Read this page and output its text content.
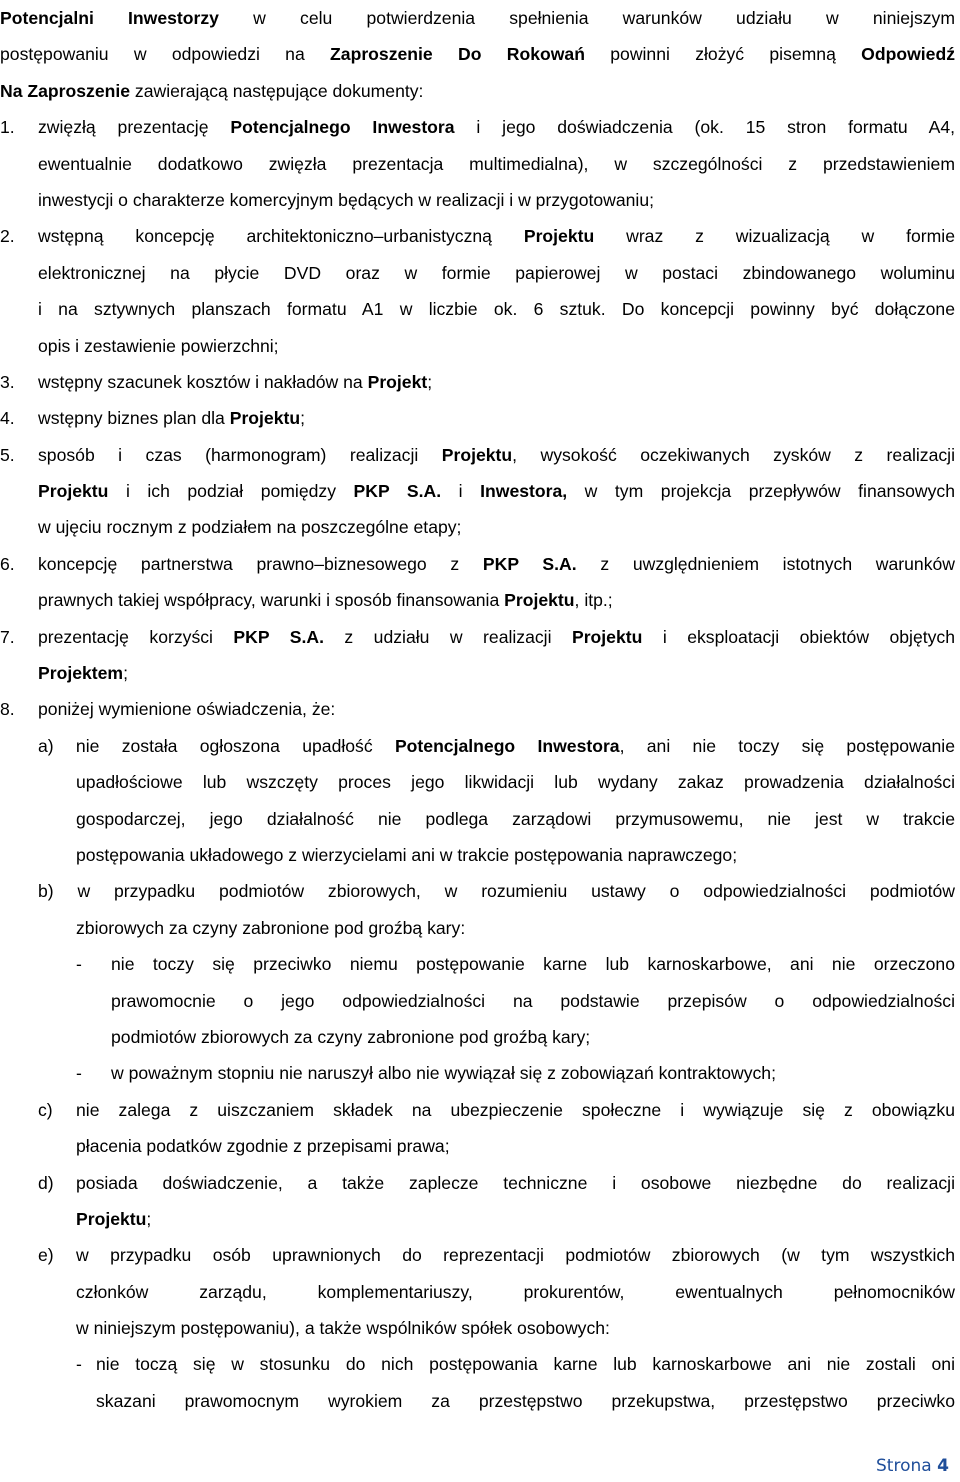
Potencjalni Inwestorzy w celu potwierdzenia spełnienia warunków udziału w niniejszym
postępowaniu w odpowiedzi na Zaproszenie Do Rokowań powinni złożyć pisemną Odpowiedź
Na Zaproszenie zawierającą następujące dokumenty:
1. zwięzłą prezentację Potencjalnego Inwestora i jego doświadczenia (ok. 15 stron formatu A4,
ewentualnie dodatkowo zwięzła prezentacja multimedialna), w szczególności z przedstawieniem
inwestycji o charakterze komercyjnym będących w realizacji i w przygotowaniu;
2. wstępną koncepcję architektoniczno–urbanistyczną Projektu wraz z wizualizacją w formie
elektronicznej na płycie DVD oraz w formie papierowej w postaci zbindowanego woluminu
i na sztywnych planszach formatu A1 w liczbie ok. 6 sztuk. Do koncepcji powinny być dołączone
opis i zestawienie powierzchni;
3. wstępny szacunek kosztów i nakładów na Projekt;
4. wstępny biznes plan dla Projektu;
5. sposób i czas (harmonogram) realizacji Projektu, wysokość oczekiwanych zysków z realizacji
Projektu i ich podział pomiędzy PKP S.A. i Inwestora, w tym projekcja przepływów finansowych
w ujęciu rocznym z podziałem na poszczególne etapy;
6. koncepcję partnerstwa prawno–biznesowego z PKP S.A. z uwzględnieniem istotnych warunków
prawnych takiej współpracy, warunki i sposób finansowania Projektu, itp.;
7. prezentację korzyści PKP S.A. z udziału w realizacji Projektu i eksploatacji obiektów objętych
Projektem;
8. poniżej wymienione oświadczenia, że:
a) nie została ogłoszona upadłość Potencjalnego Inwestora, ani nie toczy się postępowanie
upadłościowe lub wszczęty proces jego likwidacji lub wydany zakaz prowadzenia działalności
gospodarczej, jego działalność nie podlega zarządowi przymusowemu, nie jest w trakcie
postępowania układowego z wierzycielami ani w trakcie postępowania naprawczego;
b) w przypadku podmiotów zbiorowych, w rozumieniu ustawy o odpowiedzialności podmiotów
zbiorowych za czyny zabronione pod groźbą kary:
- nie toczy się przeciwko niemu postępowanie karne lub karnoskarbowe, ani nie orzeczono
prawomocnie o jego odpowiedzialności na podstawie przepisów o odpowiedzialności
podmiotów zbiorowych za czyny zabronione pod groźbą kary;
- w poważnym stopniu nie naruszył albo nie wywiązał się z zobowiązań kontraktowych;
c) nie zalega z uiszczaniem składek na ubezpieczenie społeczne i wywiązuje się z obowiązku
płacenia podatków zgodnie z przepisami prawa;
d) posiada doświadczenie, a także zaplecze techniczne i osobowe niezbędne do realizacji
Projektu;
e) w przypadku osób uprawnionych do reprezentacji podmiotów zbiorowych (w tym wszystkich
członków zarządu, komplementariuszy, prokurentów, ewentualnych pełnomocników
w niniejszym postępowaniu), a także wspólników spółek osobowych:
- nie toczą się w stosunku do nich postępowania karne lub karnoskarbowe ani nie zostali oni
skazani prawomocnym wyrokiem za przestępstwo przekupstwa, przestępstwo przeciwko
Strona 4
